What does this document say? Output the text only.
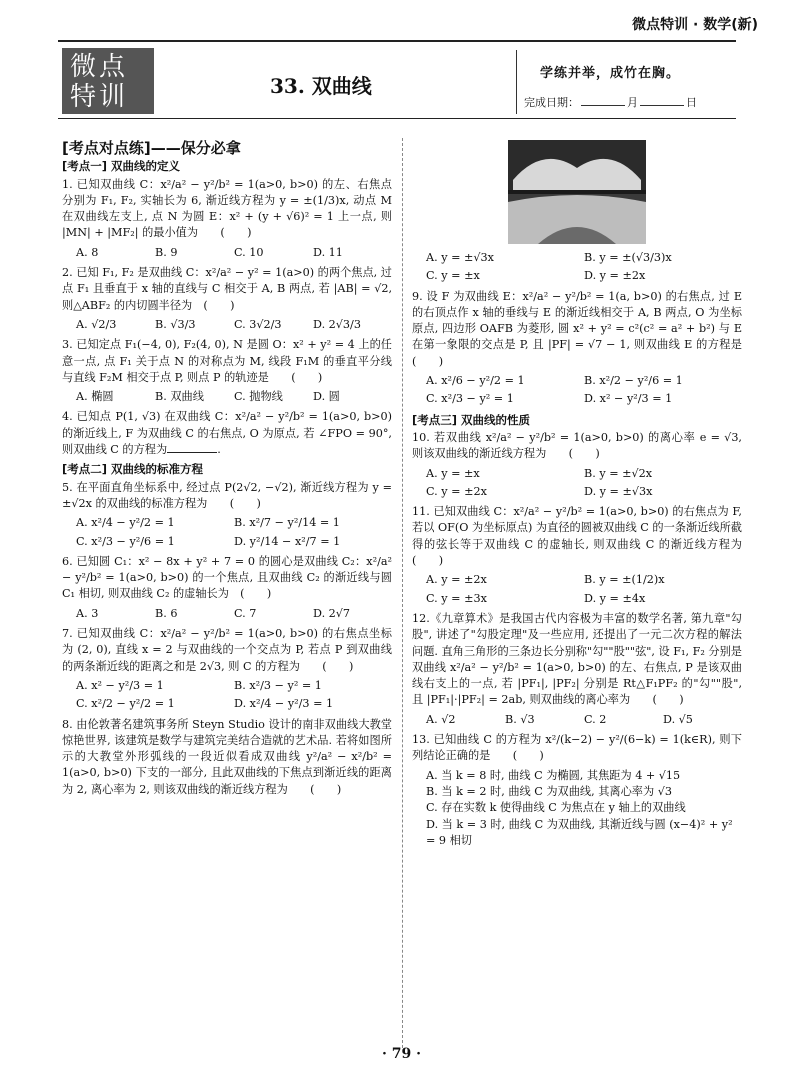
微点特训 · 数学(新)
微点
特训	33. 双曲线
学练并举，成竹在胸。
完成日期：	月	日
[考点对点练]——保分必拿
[考点一] 双曲线的定义
1. 已知双曲线 C：x²/a² − y²/b² = 1(a>0, b>0) 的左、右焦点分别为 F₁, F₂, 实轴长为 6, 渐近线方程为 y = ±(1/3)x, 动点 M 在双曲线左支上, 点 N 为圆 E：x² + (y + √6)² = 1 上一点, 则 |MN| + |MF₂| 的最小值为　　(　　)
A. 8	B. 9	C. 10	D. 11
2. 已知 F₁, F₂ 是双曲线 C：x²/a² − y² = 1(a>0) 的两个焦点, 过点 F₁ 且垂直于 x 轴的直线与 C 相交于 A, B 两点, 若 |AB| = √2, 则△ABF₂ 的内切圆半径为　(　　)
A. √2/3	B. √3/3	C. 3√2/3	D. 2√3/3
3. 已知定点 F₁(−4, 0), F₂(4, 0), N 是圆 O：x² + y² = 4 上的任意一点, 点 F₁ 关于点 N 的对称点为 M, 线段 F₁M 的垂直平分线与直线 F₂M 相交于点 P, 则点 P 的轨迹是　　(　　)
A. 椭圆	B. 双曲线	C. 抛物线	D. 圆
4. 已知点 P(1, √3) 在双曲线 C：x²/a² − y²/b² = 1(a>0, b>0) 的渐近线上, F 为双曲线 C 的右焦点, O 为原点, 若 ∠FPO = 90°, 则双曲线 C 的方程为	.
[考点二] 双曲线的标准方程
5. 在平面直角坐标系中, 经过点 P(2√2, −√2), 渐近线方程为 y = ±√2x 的双曲线的标准方程为　　(　　)
A. x²/4 − y²/2 = 1	B. x²/7 − y²/14 = 1
C. x²/3 − y²/6 = 1	D. y²/14 − x²/7 = 1
6. 已知圆 C₁：x² − 8x + y² + 7 = 0 的圆心是双曲线 C₂：x²/a² − y²/b² = 1(a>0, b>0) 的一个焦点, 且双曲线 C₂ 的渐近线与圆 C₁ 相切, 则双曲线 C₂ 的虚轴长为　(　　)
A. 3	B. 6	C. 7	D. 2√7
7. 已知双曲线 C：x²/a² − y²/b² = 1(a>0, b>0) 的右焦点坐标为 (2, 0), 直线 x = 2 与双曲线的一个交点为 P, 若点 P 到双曲线的两条渐近线的距离之和是 2√3, 则 C 的方程为　　(　　)
A. x² − y²/3 = 1	B. x²/3 − y² = 1
C. x²/2 − y²/2 = 1	D. x²/4 − y²/3 = 1
8. 由伦敦著名建筑事务所 Steyn Studio 设计的南非双曲线大教堂惊艳世界, 该建筑是数学与建筑完美结合造就的艺术品. 若将如图所示的大教堂外形弧线的一段近似看成双曲线 y²/a² − x²/b² = 1(a>0, b>0) 下支的一部分, 且此双曲线的下焦点到渐近线的距离为 2, 离心率为 2, 则该双曲线的渐近线方程为　　(　　)
A. y = ±√3x	B. y = ±(√3/3)x
C. y = ±x	D. y = ±2x
9. 设 F 为双曲线 E：x²/a² − y²/b² = 1(a, b>0) 的右焦点, 过 E 的右顶点作 x 轴的垂线与 E 的渐近线相交于 A, B 两点, O 为坐标原点, 四边形 OAFB 为菱形, 圆 x² + y² = c²(c² = a² + b²) 与 E 在第一象限的交点是 P, 且 |PF| = √7 − 1, 则双曲线 E 的方程是　　(　　)
A. x²/6 − y²/2 = 1	B. x²/2 − y²/6 = 1
C. x²/3 − y² = 1	D. x² − y²/3 = 1
[考点三] 双曲线的性质
10. 若双曲线 x²/a² − y²/b² = 1(a>0, b>0) 的离心率 e = √3, 则该双曲线的渐近线方程为　　(　　)
A. y = ±x	B. y = ±√2x
C. y = ±2x	D. y = ±√3x
11. 已知双曲线 C：x²/a² − y²/b² = 1(a>0, b>0) 的右焦点为 F, 若以 OF(O 为坐标原点) 为直径的圆被双曲线 C 的一条渐近线所截得的弦长等于双曲线 C 的虚轴长, 则双曲线 C 的渐近线方程为　　(　　)
A. y = ±2x	B. y = ±(1/2)x
C. y = ±3x	D. y = ±4x
12.《九章算术》是我国古代内容极为丰富的数学名著, 第九章"勾股", 讲述了"勾股定理"及一些应用, 还提出了一元二次方程的解法问题. 直角三角形的三条边长分别称"勾""股""弦", 设 F₁, F₂ 分别是双曲线 x²/a² − y²/b² = 1(a>0, b>0) 的左、右焦点, P 是该双曲线右支上的一点, 若 |PF₁|, |PF₂| 分别是 Rt△F₁PF₂ 的"勾""股", 且 |PF₁|·|PF₂| = 2ab, 则双曲线的离心率为　　(　　)
A. √2	B. √3	C. 2	D. √5
13. 已知曲线 C 的方程为 x²/(k−2) − y²/(6−k) = 1(k∈R), 则下列结论正确的是　　(　　)
A. 当 k = 8 时, 曲线 C 为椭圆, 其焦距为 4 + √15
B. 当 k = 2 时, 曲线 C 为双曲线, 其离心率为 √3
C. 存在实数 k 使得曲线 C 为焦点在 y 轴上的双曲线
D. 当 k = 3 时, 曲线 C 为双曲线, 其渐近线与圆 (x−4)² + y² = 9 相切
· 79 ·
